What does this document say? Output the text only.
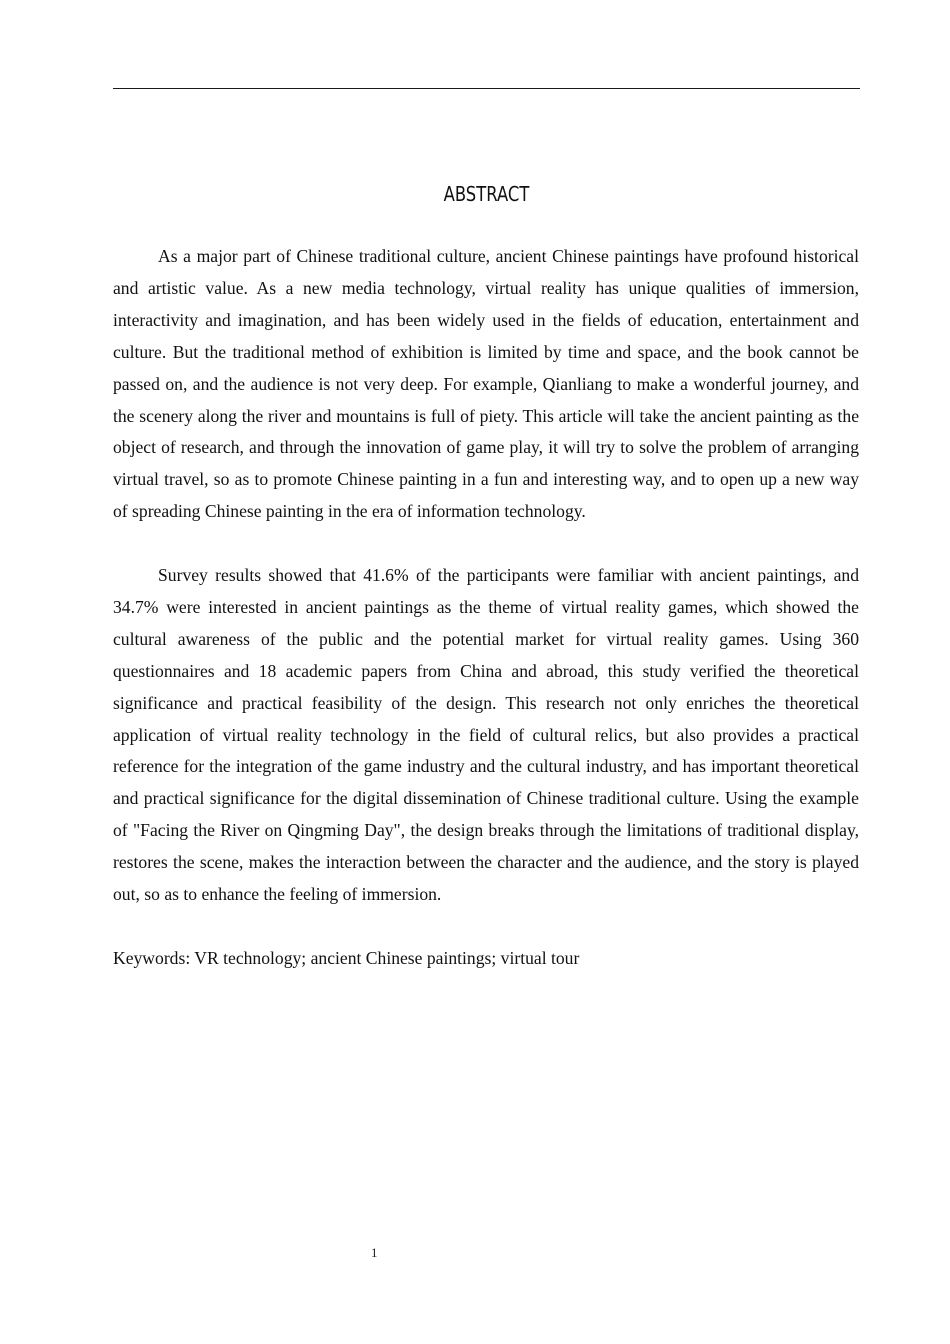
ABSTRACT

As a major part of Chinese traditional culture, ancient Chinese paintings have profound historical and artistic value. As a new media technology, virtual reality has unique qualities of immersion, interactivity and imagination, and has been widely used in the fields of education, entertainment and culture. But the traditional method of exhibition is limited by time and space, and the book cannot be passed on, and the audience is not very deep. For example, Qianliang to make a wonderful journey, and the scenery along the river and mountains is full of piety. This article will take the ancient painting as the object of research, and through the innovation of game play, it will try to solve the problem of arranging virtual travel, so as to promote Chinese painting in a fun and interesting way, and to open up a new way of spreading Chinese painting in the era of information technology.

Survey results showed that 41.6% of the participants were familiar with ancient paintings, and 34.7% were interested in ancient paintings as the theme of virtual reality games, which showed the cultural awareness of the public and the potential market for virtual reality games. Using 360 questionnaires and 18 academic papers from China and abroad, this study verified the theoretical significance and practical feasibility of the design. This research not only enriches the theoretical application of virtual reality technology in the field of cultural relics, but also provides a practical reference for the integration of the game industry and the cultural industry, and has important theoretical and practical significance for the digital dissemination of Chinese traditional culture. Using the example of "Facing the River on Qingming Day", the design breaks through the limitations of traditional display, restores the scene, makes the interaction between the character and the audience, and the story is played out, so as to enhance the feeling of immersion.

Keywords: VR technology; ancient Chinese paintings; virtual tour

1
